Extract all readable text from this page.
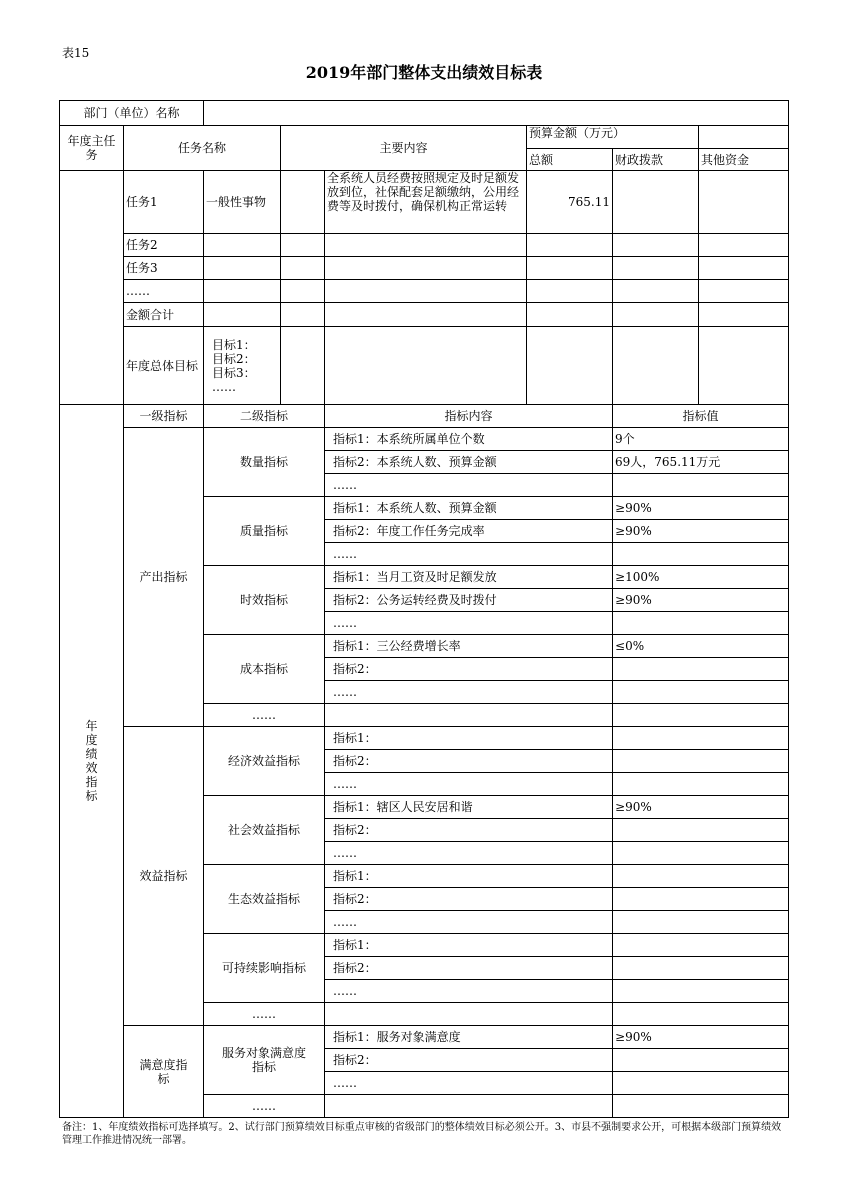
表15
2019年部门整体支出绩效目标表
部门（单位）名称								
年度主任务	任务名称		主要内容		预算金额（万元）			

					总额	财政拨款	其他资金	
	任务1	一般性事物		全系统人员经费按照规定及时足额发放到位，社保配套足额缴纳，公用经费等及时拨付，确保机构正常运转	765.11			
	任务2							
	任务3							
	……							
	金额合计							
	年度总体目标	目标1：
目标2：
目标3：
……						

年度绩效指标	一级指标	二级指标		指标内容		指标值		
	产出指标	数量指标		指标1：本系统所属单位个数		9个		
				指标2：本系统人数、预算金额		69人，765.11万元		
				……				
		质量指标		指标1：本系统人数、预算金额		≥90%		
				指标2：年度工作任务完成率		≥90%		
				……				
		时效指标		指标1：当月工资及时足额发放		≥100%		
				指标2：公务运转经费及时拨付		≥90%		
				……				
		成本指标		指标1：三公经费增长率		≤0%		
				指标2：				
				……				
		……						
	效益指标	经济效益指标		指标1：				
				指标2：				
				……				
		社会效益指标		指标1：辖区人民安居和谐		≥90%		
				指标2：				
				……				
		生态效益指标		指标1：				
				指标2：				
				……				
		可持续影响指标		指标1：				
				指标2：				
				……				
		……						
	满意度指标	服务对象满意度指标		指标1：服务对象满意度		≥90%		
				指标2：				
				……				
		……						
备注：1、年度绩效指标可选择填写。2、试行部门预算绩效目标重点审核的省级部门的整体绩效目标必须公开。3、市县不强制要求公开，可根据本级部门预算绩效管理工作推进情况统一部署。
